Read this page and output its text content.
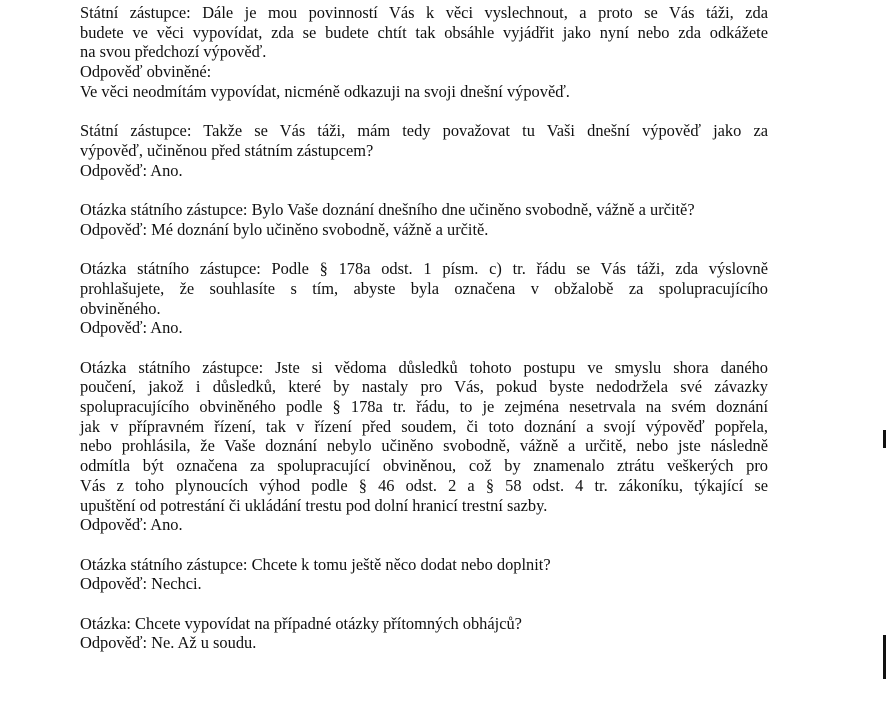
Státní zástupce: Dále je mou povinností Vás k věci vyslechnout, a proto se Vás táži, zda
budete ve věci vypovídat, zda se budete chtít tak obsáhle vyjádřit jako nyní nebo zda odkážete
na svou předchozí výpověď.
Odpověď obviněné:
Ve věci neodmítám vypovídat, nicméně odkazuji na svoji dnešní výpověď.
Státní zástupce: Takže se Vás táži, mám tedy považovat tu Vaši dnešní výpověď jako za
výpověď, učiněnou před státním zástupcem?
Odpověď: Ano.
Otázka státního zástupce: Bylo Vaše doznání dnešního dne učiněno svobodně, vážně a určitě?
Odpověď: Mé doznání bylo učiněno svobodně, vážně a určitě.
Otázka státního zástupce: Podle § 178a odst. 1 písm. c) tr. řádu se Vás táži, zda výslovně
prohlašujete, že souhlasíte s tím, abyste byla označena v obžalobě za spolupracujícího
obviněného.
Odpověď: Ano.
Otázka státního zástupce: Jste si vědoma důsledků tohoto postupu ve smyslu shora daného
poučení, jakož i důsledků, které by nastaly pro Vás, pokud byste nedodržela své závazky
spolupracujícího obviněného podle § 178a tr. řádu, to je zejména nesetrvala na svém doznání
jak v přípravném řízení, tak v řízení před soudem, či toto doznání a svojí výpověď popřela,
nebo prohlásila, že Vaše doznání nebylo učiněno svobodně, vážně a určitě, nebo jste následně
odmítla být označena za spolupracující obviněnou, což by znamenalo ztrátu veškerých pro
Vás z toho plynoucích výhod podle § 46 odst. 2 a § 58 odst. 4 tr. zákoníku, týkající se
upuštění od potrestání či ukládání trestu pod dolní hranicí trestní sazby.
Odpověď: Ano.
Otázka státního zástupce: Chcete k tomu ještě něco dodat nebo doplnit?
Odpověď: Nechci.
Otázka: Chcete vypovídat na případné otázky přítomných obhájců?
Odpověď: Ne. Až u soudu.
